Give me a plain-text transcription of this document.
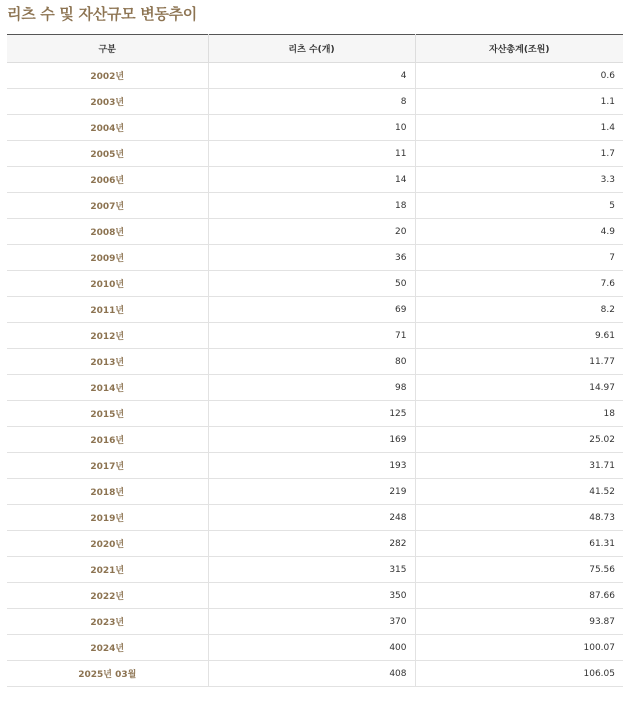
리츠 수 및 자산규모 변동추이
구분	리츠 수(개)	자산총계(조원)
2002년	4	0.6
2003년	8	1.1
2004년	10	1.4
2005년	11	1.7
2006년	14	3.3
2007년	18	5
2008년	20	4.9
2009년	36	7
2010년	50	7.6
2011년	69	8.2
2012년	71	9.61
2013년	80	11.77
2014년	98	14.97
2015년	125	18
2016년	169	25.02
2017년	193	31.71
2018년	219	41.52
2019년	248	48.73
2020년	282	61.31
2021년	315	75.56
2022년	350	87.66
2023년	370	93.87
2024년	400	100.07
2025년 03월	408	106.05
